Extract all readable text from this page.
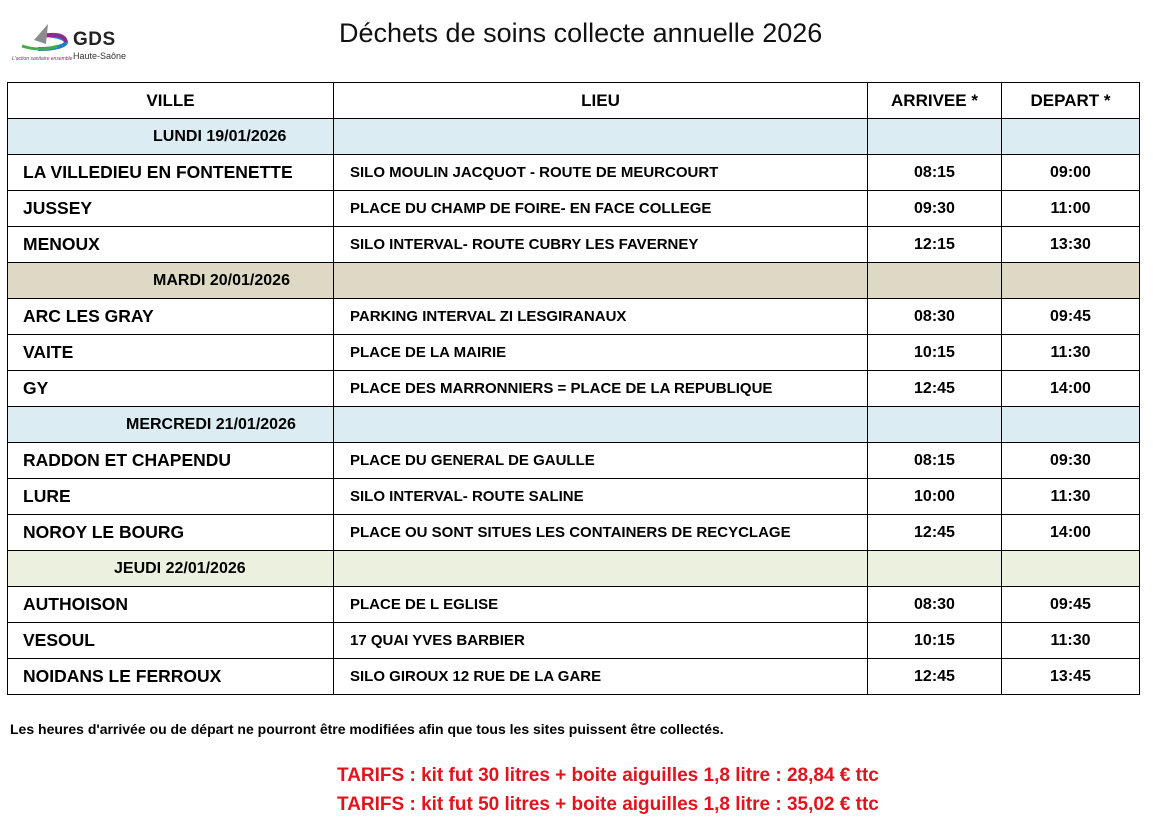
GDS
Haute-Saône
L'action sanitaire ensemble
Déchets de soins collecte annuelle 2026
VILLE	LIEU	ARRIVEE *	DEPART *
LUNDI 19/01/2026			
LA VILLEDIEU EN FONTENETTE	SILO MOULIN JACQUOT - ROUTE DE MEURCOURT	08:15	09:00
JUSSEY	PLACE DU CHAMP DE FOIRE- EN FACE COLLEGE	09:30	11:00
MENOUX	SILO INTERVAL- ROUTE CUBRY LES FAVERNEY	12:15	13:30
MARDI 20/01/2026			
ARC LES GRAY	PARKING INTERVAL ZI LESGIRANAUX	08:30	09:45
VAITE	PLACE DE LA MAIRIE	10:15	11:30
GY	PLACE DES MARRONNIERS = PLACE DE LA REPUBLIQUE	12:45	14:00
MERCREDI 21/01/2026			
RADDON ET CHAPENDU	PLACE DU GENERAL DE GAULLE	08:15	09:30
LURE	SILO INTERVAL- ROUTE SALINE	10:00	11:30
NOROY LE BOURG	PLACE OU SONT SITUES LES CONTAINERS DE RECYCLAGE	12:45	14:00
JEUDI 22/01/2026			
AUTHOISON	PLACE DE L EGLISE	08:30	09:45
VESOUL	17 QUAI YVES BARBIER	10:15	11:30
NOIDANS LE FERROUX	SILO GIROUX 12 RUE DE LA GARE	12:45	13:45
Les heures d'arrivée ou de départ ne pourront être modifiées afin que tous les sites puissent être collectés.
TARIFS : kit fut 30 litres + boite aiguilles 1,8 litre : 28,84 € ttc
TARIFS : kit fut 50 litres + boite aiguilles 1,8 litre : 35,02 € ttc
